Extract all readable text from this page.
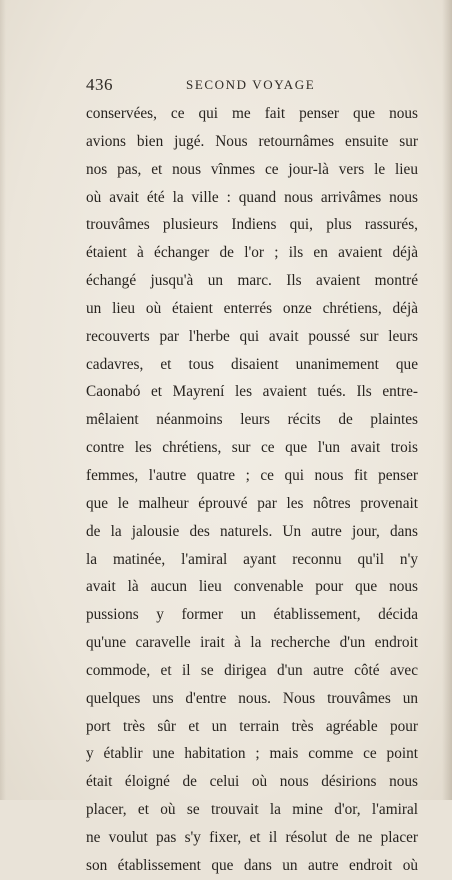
436	SECOND VOYAGE
conservées, ce qui me fait penser que nous
avions bien jugé. Nous retournâmes ensuite sur
nos pas, et nous vînmes ce jour-là vers le lieu
où avait été la ville : quand nous arrivâmes nous
trouvâmes plusieurs Indiens qui, plus rassurés,
étaient à échanger de l'or ; ils en avaient déjà
échangé jusqu'à un marc. Ils avaient montré
un lieu où étaient enterrés onze chrétiens, déjà
recouverts par l'herbe qui avait poussé sur leurs
cadavres, et tous disaient unanimement que
Caonabó et Mayrení les avaient tués. Ils entre-
mêlaient néanmoins leurs récits de plaintes
contre les chrétiens, sur ce que l'un avait trois
femmes, l'autre quatre ; ce qui nous fit penser
que le malheur éprouvé par les nôtres provenait
de la jalousie des naturels. Un autre jour, dans
la matinée, l'amiral ayant reconnu qu'il n'y
avait là aucun lieu convenable pour que nous
pussions y former un établissement, décida
qu'une caravelle irait à la recherche d'un endroit
commode, et il se dirigea d'un autre côté avec
quelques uns d'entre nous. Nous trouvâmes un
port très sûr et un terrain très agréable pour
y établir une habitation ; mais comme ce point
était éloigné de celui où nous désirions nous
placer, et où se trouvait la mine d'or, l'amiral
ne voulut pas s'y fixer, et il résolut de ne placer
son établissement que dans un autre endroit où
